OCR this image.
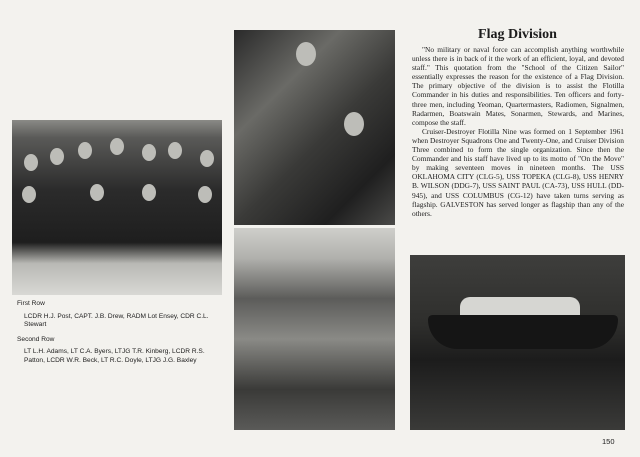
Flag Division

"No military or naval force can accomplish anything worthwhile unless there is in back of it the work of an efficient, loyal, and devoted staff." This quotation from the "School of the Citizen Sailor" essentially expresses the reason for the existence of a Flag Division. The primary objective of the division is to assist the Flotilla Commander in his duties and responsibilities. Ten officers and forty-three men, including Yeoman, Quartermasters, Radiomen, Signalmen, Radarmen, Boatswain Mates, Sonarmen, Stewards, and Marines, compose the staff.

Cruiser-Destroyer Flotilla Nine was formed on 1 September 1961 when Destroyer Squadrons One and Twenty-One, and Cruiser Division Three combined to form the single organization. Since then the Commander and his staff have lived up to its motto of "On the Move" by making seventeen moves in nineteen months. The USS OKLAHOMA CITY (CLG-5), USS TOPEKA (CLG-8), USS HENRY B. WILSON (DDG-7), USS SAINT PAUL (CA-73), USS HULL (DD-945), and USS COLUMBUS (CG-12) have taken turns serving as flagship. GALVESTON has served longer as flagship than any of the others.

First Row
LCDR H.J. Post, CAPT. J.B. Drew, RADM Lot Ensey, CDR C.L. Stewart
Second Row
LT L.H. Adams, LT C.A. Byers, LTJG T.R. Kinberg, LCDR R.S. Patton, LCDR W.R. Beck, LT R.C. Doyle, LTJG J.G. Baxley
150
